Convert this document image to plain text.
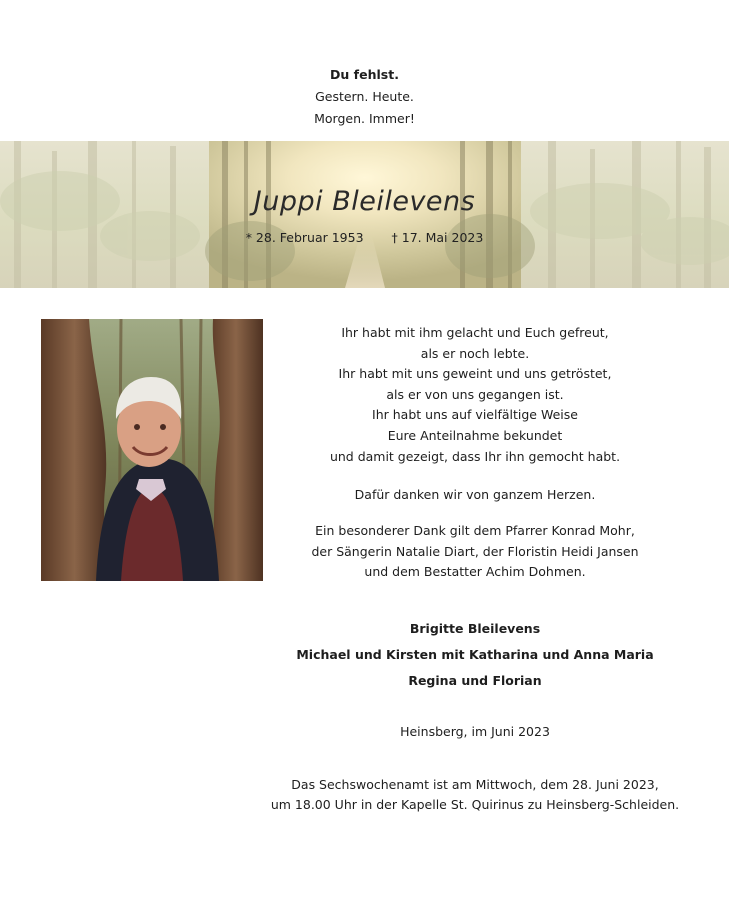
Du fehlst.
Gestern. Heute.
Morgen. Immer!
Juppi Bleilevens
* 28. Februar 1953 † 17. Mai 2023
Ihr habt mit ihm gelacht und Euch gefreut,
als er noch lebte.
Ihr habt mit uns geweint und uns getröstet,
als er von uns gegangen ist.
Ihr habt uns auf vielfältige Weise
Eure Anteilnahme bekundet
und damit gezeigt, dass Ihr ihn gemocht habt.
Dafür danken wir von ganzem Herzen.
Ein besonderer Dank gilt dem Pfarrer Konrad Mohr,
der Sängerin Natalie Diart, der Floristin Heidi Jansen
und dem Bestatter Achim Dohmen.
Brigitte Bleilevens
Michael und Kirsten mit Katharina und Anna Maria
Regina und Florian
Heinsberg, im Juni 2023
Das Sechswochenamt ist am Mittwoch, dem 28. Juni 2023,
um 18.00 Uhr in der Kapelle St. Quirinus zu Heinsberg-Schleiden.
